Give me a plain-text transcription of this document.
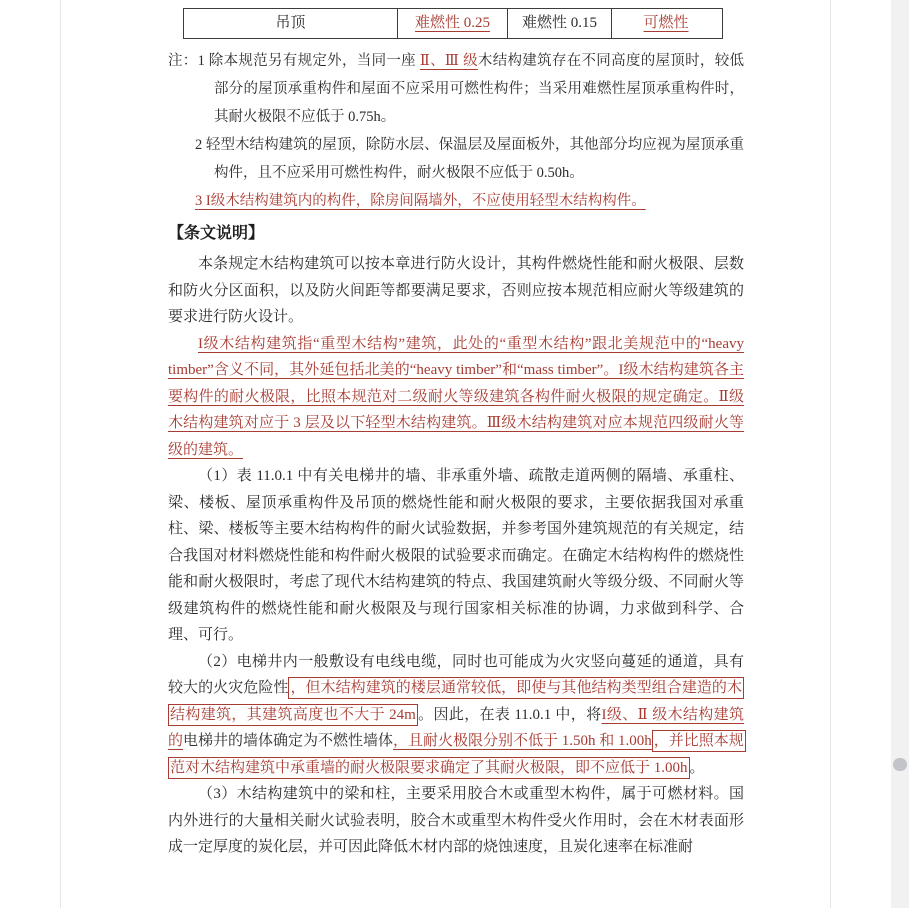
吊顶	难燃性 0.25 难燃性 0.15	可燃性
注：1 除本规范另有规定外，当同一座 Ⅱ、Ⅲ 级木结构建筑存在不同高度的屋顶时，较低部分的屋顶承重构件和屋面不应采用可燃性构件；当采用难燃性屋顶承重构件时，其耐火极限不应低于 0.75h。
2 轻型木结构建筑的屋顶，除防水层、保温层及屋面板外，其他部分均应视为屋顶承重构件，且不应采用可燃性构件，耐火极限不应低于 0.50h。
3 I级木结构建筑内的构件，除房间隔墙外，不应使用轻型木结构构件。
【条文说明】
本条规定木结构建筑可以按本章进行防火设计，其构件燃烧性能和耐火极限、层数和防火分区面积，以及防火间距等都要满足要求，否则应按本规范相应耐火等级建筑的要求进行防火设计。
I级木结构建筑指“重型木结构”建筑，此处的“重型木结构”跟北美规范中的“heavy timber”含义不同，其外延包括北美的“heavy timber”和“mass timber”。I级木结构建筑各主要构件的耐火极限，比照本规范对二级耐火等级建筑各构件耐火极限的规定确定。Ⅱ级木结构建筑对应于 3 层及以下轻型木结构建筑。Ⅲ级木结构建筑对应本规范四级耐火等级的建筑。
（1）表 11.0.1 中有关电梯井的墙、非承重外墙、疏散走道两侧的隔墙、承重柱、梁、楼板、屋顶承重构件及吊顶的燃烧性能和耐火极限的要求，主要依据我国对承重柱、梁、楼板等主要木结构构件的耐火试验数据，并参考国外建筑规范的有关规定，结合我国对材料燃烧性能和构件耐火极限的试验要求而确定。在确定木结构构件的燃烧性能和耐火极限时，考虑了现代木结构建筑的特点、我国建筑耐火等级分级、不同耐火等级建筑构件的燃烧性能和耐火极限及与现行国家相关标准的协调，力求做到科学、合理、可行。
（2）电梯井内一般敷设有电线电缆，同时也可能成为火灾竖向蔓延的通道，具有较大的火灾危险性 ，但木结构建筑的楼层通常较低，即使与其他结构类型组合建造的木结构建筑，其建筑高度也不大于 24m 。因此，在表 11.0.1 中，将I级、Ⅱ 级木结构建筑的电梯井的墙体确定为不燃性墙体，且耐火极限分别不低于 1.50h 和 1.00h ，并比照本规范对木结构建筑中承重墙的耐火极限要求确定了其耐火极限，即不应低于 1.00h 。
（3）木结构建筑中的梁和柱，主要采用胶合木或重型木构件，属于可燃材料。国内外进行的大量相关耐火试验表明，胶合木或重型木构件受火作用时，会在木材表面形成一定厚度的炭化层，并可因此降低木材内部的烧蚀速度，且炭化速率在标准耐
